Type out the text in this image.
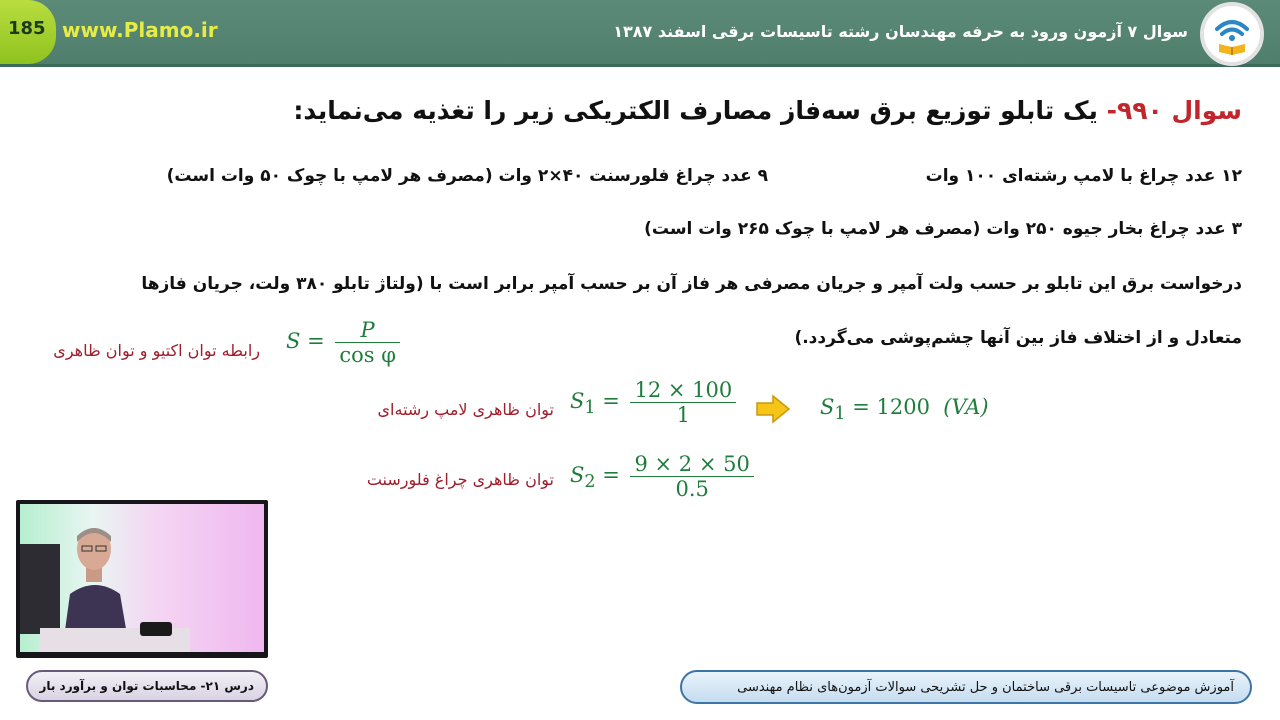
185 www.Plamo.ir	سوال ۷ آزمون ورود به حرفه مهندسان رشته تاسیسات برقی اسفند ۱۳۸۷
سوال ۹۹۰- یک تابلو توزیع برق سه‌فاز مصارف الکتریکی زیر را تغذیه می‌نماید:
۱۲ عدد چراغ با لامپ رشته‌ای ۱۰۰ وات
۹ عدد چراغ فلورسنت ۴۰×۲ وات (مصرف هر لامپ با چوک ۵۰ وات است)
۳ عدد چراغ بخار جیوه ۲۵۰ وات (مصرف هر لامپ با چوک ۲۶۵ وات است)
درخواست برق این تابلو بر حسب ولت آمپر و جریان مصرفی هر فاز آن بر حسب آمپر برابر است با (ولتاژ تابلو ۳۸۰ ولت، جریان فازها
متعادل و از اختلاف فاز بین آنها چشم‌پوشی می‌گردد.)
رابطه توان اکتیو و توان ظاهری $S = \frac{P}{\text{cos φ}}$
توان ظاهری لامپ رشته‌ای $S_1 = \frac{12 \times 100}{1}$	$S_1 = 1200$ (VA)
توان ظاهری چراغ فلورسنت $S_2 = \frac{9 \times 2 \times 50}{0.5}$
درس ۲۱- محاسبات توان و برآورد بار	آموزش موضوعی تاسیسات برقی ساختمان و حل تشریحی سوالات آزمون‌های نظام مهندسی
